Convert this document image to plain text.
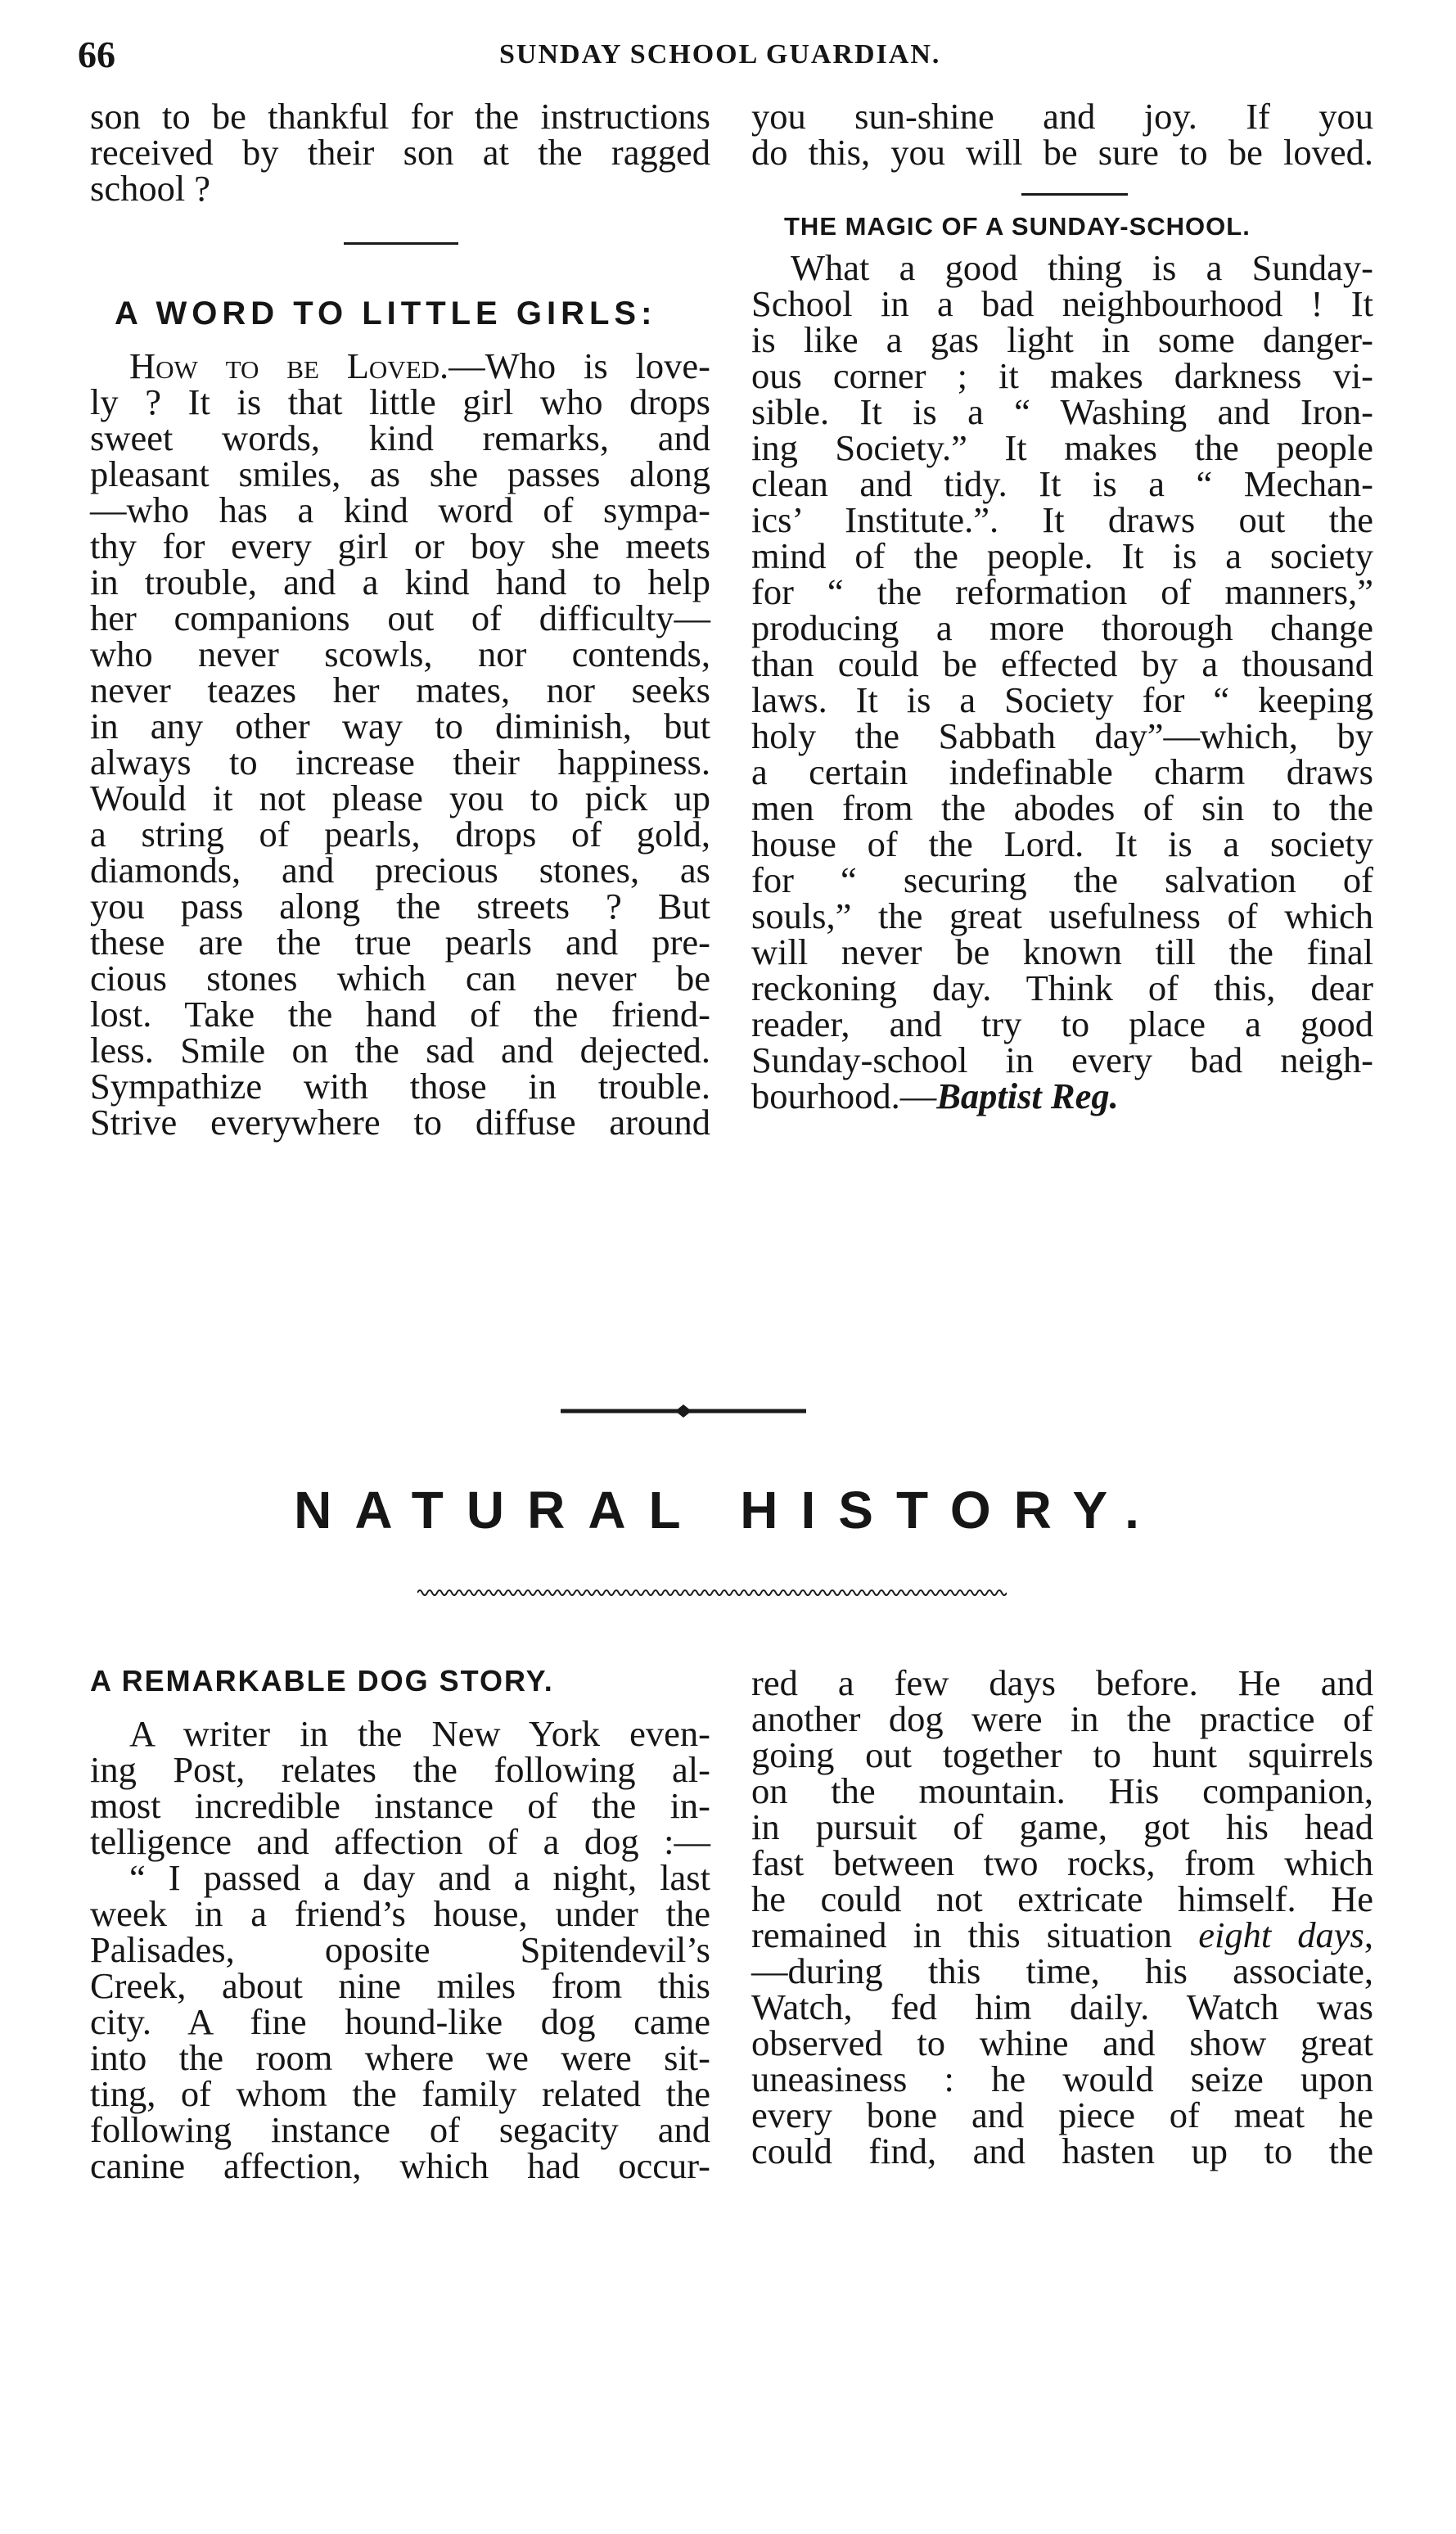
66	SUNDAY SCHOOL GUARDIAN.
son to be thankful for the instructions
received by their son at the ragged
school ?
A WORD TO LITTLE GIRLS:
How to be Loved.—Who is love-
ly ? It is that little girl who drops
sweet words, kind remarks, and
pleasant smiles, as she passes along
—who has a kind word of sympa-
thy for every girl or boy she meets
in trouble, and a kind hand to help
her companions out of difficulty—
who never scowls, nor contends,
never teazes her mates, nor seeks
in any other way to diminish, but
always to increase their happiness.
Would it not please you to pick up
a string of pearls, drops of gold,
diamonds, and precious stones, as
you pass along the streets ? But
these are the true pearls and pre-
cious stones which can never be
lost. Take the hand of the friend-
less. Smile on the sad and dejected.
Sympathize with those in trouble.
Strive everywhere to diffuse around
you sun-shine and joy. If you
do this, you will be sure to be loved.
THE MAGIC OF A SUNDAY-SCHOOL.
What a good thing is a Sunday-
School in a bad neighbourhood ! It
is like a gas light in some danger-
ous corner ; it makes darkness vi-
sible. It is a “ Washing and Iron-
ing Society.” It makes the people
clean and tidy. It is a “ Mechan-
ics’ Institute.”. It draws out the
mind of the people. It is a society
for “ the reformation of manners,”
producing a more thorough change
than could be effected by a thousand
laws. It is a Society for “ keeping
holy the Sabbath day”—which, by
a certain indefinable charm draws
men from the abodes of sin to the
house of the Lord. It is a society
for “ securing the salvation of
souls,” the great usefulness of which
will never be known till the final
reckoning day. Think of this, dear
reader, and try to place a good
Sunday-school in every bad neigh-
bourhood.—Baptist Reg.
NATURAL HISTORY.
A REMARKABLE DOG STORY.
A writer in the New York even-
ing Post, relates the following al-
most incredible instance of the in-
telligence and affection of a dog :—
“ I passed a day and a night, last
week in a friend’s house, under the
Palisades, oposite Spitendevil’s
Creek, about nine miles from this
city. A fine hound-like dog came
into the room where we were sit-
ting, of whom the family related the
following instance of segacity and
canine affection, which had occur-
red a few days before. He and
another dog were in the practice of
going out together to hunt squirrels
on the mountain. His companion,
in pursuit of game, got his head
fast between two rocks, from which
he could not extricate himself. He
remained in this situation eight days,
—during this time, his associate,
Watch, fed him daily. Watch was
observed to whine and show great
uneasiness : he would seize upon
every bone and piece of meat he
could find, and hasten up to the
